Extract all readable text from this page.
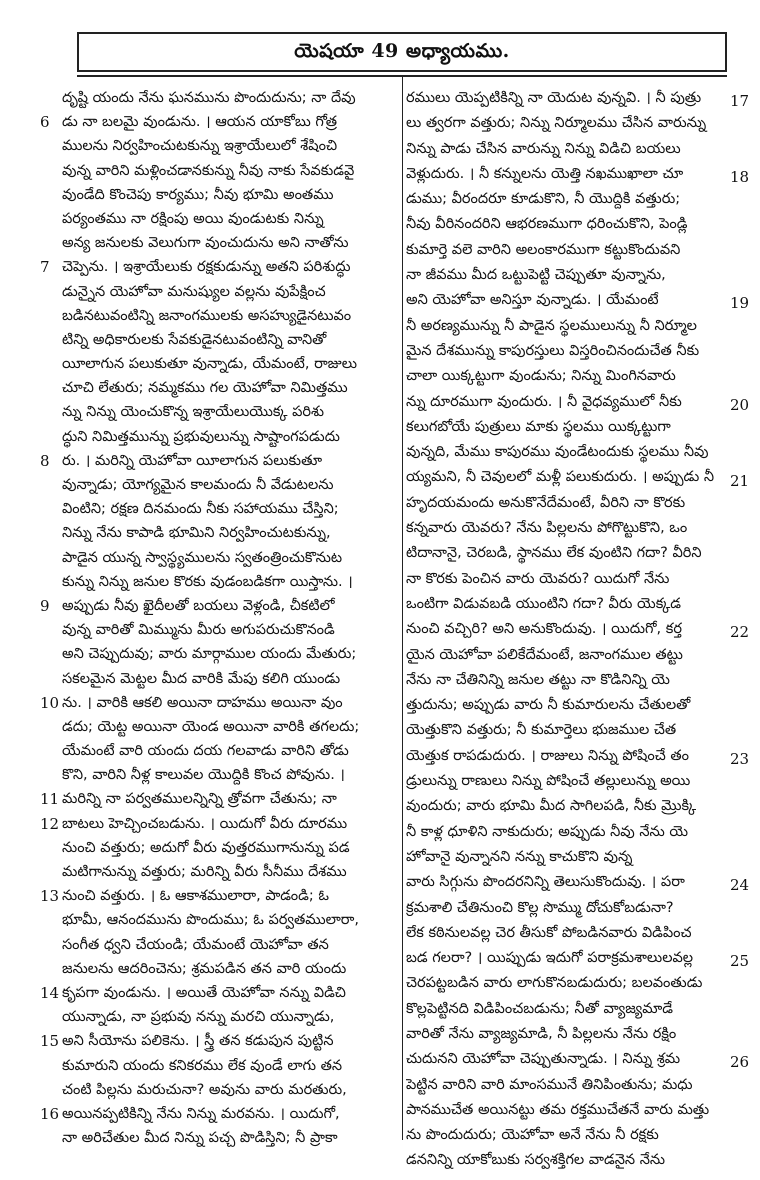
యెషయా 49 అధ్యాయము.
దృష్టి యందు నేను ఘనమును పొందుదును; నా దేవు
6 డు నా బలమై వుండును. । ఆయన యాకోబు గోత్ర
ములను నిర్వహించుటకున్ను ఇశ్రాయేలులో శేషించి
వున్న వారిని మళ్లించడానకున్ను నీవు నాకు సేవకుడవై
వుండేది కొంచెపు కార్యము; నీవు భూమి అంతము
పర్యంతము నా రక్షింపు అయి వుండుటకు నిన్ను
అన్య జనులకు వెలుగుగా వుంచుదును అని నాతోను
7 చెప్పెను. । ఇశ్రాయేలుకు రక్షకుడున్ను అతని పరిశుద్ధు
డున్నైన యెహోవా మనుష్యుల వల్లను వుపేక్షించ
బడినటువంటిన్ని జనాంగములకు అసహ్యుడైనటువం
టిన్ని అధికారులకు సేవకుడైనటువంటిన్ని వానితో
యీలాగున పలుకుతూ వున్నాడు, యేమంటే, రాజులు
చూచి లేతురు; నమ్మకము గల యెహోవా నిమిత్తము
న్ను నిన్ను యెంచుకొన్న ఇశ్రాయేలుయొక్క పరిశు
ద్ధుని నిమిత్తమున్ను ప్రభువులున్ను సాష్టాంగపడుదు
8 రు. । మరిన్ని యెహోవా యీలాగున పలుకుతూ
వున్నాడు; యోగ్యమైన కాలమందు నీ వేడుటలను
వింటిని; రక్షణ దినమందు నీకు సహాయము చేస్తిని;
నిన్ను నేను కాపాడి భూమిని నిర్వహించుటకున్ను,
పాడైన యున్న స్వాస్థ్యములను స్వతంత్రించుకొనుట
కున్ను నిన్ను జనుల కొరకు వుడంబడికగా యిస్తాను. ।
9 అప్పుడు నీవు ఖైదీలతో బయలు వెళ్లండి, చీకటిలో
వున్న వారితో మిమ్మును మీరు అగుపరుచుకొనండి
అని చెప్పుదువు; వారు మార్గాముల యందు మేతురు;
సకలమైన మెట్టల మీద వారికి మేపు కలిగి యుండు
10 ను. । వారికి ఆకలి అయినా దాహము అయినా వుం
డదు; యెట్ట అయినా యెండ అయినా వారికి తగలదు;
యేమంటే వారి యందు దయ గలవాడు వారిని తోడు
కొని, వారిని నీళ్ల కాలువల యొద్దికి కొంచ పోవును. ।
11 మరిన్ని నా పర్వతములన్నిన్ని త్రోవగా చేతును; నా
12 బాటలు హెచ్చించబడును. । యిదుగో వీరు దూరము
నుంచి వత్తురు; అదుగో వీరు వుత్తరముగానున్ను పడ
మటిగానున్ను వత్తురు; మరిన్ని వీరు సీనీము దేశము
13 నుంచి వత్తురు. । ఓ ఆకాశములారా, పాడండి; ఓ
భూమీ, ఆనందమును పొందుము; ఓ పర్వతములారా,
సంగీత ధ్వని చేయండి; యేమంటే యెహోవా తన
జనులను ఆదరించెను; శ్రమపడిన తన వారి యందు
14 కృపగా వుండును. । అయితే యెహోవా నన్ను విడిచి
యున్నాడు, నా ప్రభువు నన్ను మరచి యున్నాడు,
15 అని సీయోను పలికెను. । స్త్రీ తన కడుపున పుట్టిన
కుమారుని యందు కనికరము లేక వుండే లాగు తన
చంటి పిల్లను మరుచునా? అవును వారు మరతురు,
16 అయినప్పటికిన్ని నేను నిన్ను మరవను. । యిదుగో,
నా అరిచేతుల మీద నిన్ను పచ్చ పొడిస్తిని; నీ ప్రాకా
రములు యెప్పటికిన్ని నా యెదుట వున్నవి. । నీ పుత్రు
లు త్వరగా వత్తురు; నిన్ను నిర్మూలము చేసిన వారున్ను
నిన్ను పాడు చేసిన వారున్ను నిన్ను విడిచి బయలు
వెళ్లుదురు. । నీ కన్నులను యెత్తి నఖముఖాలా చూ
డుము; వీరందరూ కూడుకొని, నీ యొద్దికి వత్తురు;
నీవు వీరినందరిని ఆభరణముగా ధరించుకొని, పెండ్లి
కుమార్తె వలె వారిని అలంకారముగా కట్టుకొందువని
నా జీవము మీద ఒట్టుపెట్టి చెప్పుతూ వున్నాను,
అని యెహోవా అనిస్తూ వున్నాడు. । యేమంటే
నీ అరణ్యమున్ను నీ పాడైన స్థలములున్ను నీ నిర్మూల
మైన దేశమున్ను కాపురస్తులు విస్తరించినందుచేత నీకు
చాలా యిక్కట్టుగా వుండును; నిన్ను మింగినవారు
న్ను దూరముగా వుందురు. । నీ వైధవ్యములో నీకు
కలుగబోయే పుత్రులు మాకు స్థలము యిక్కట్టుగా
వున్నది, మేము కాపురము వుండేటందుకు స్థలము నీవు
య్యమని, నీ చెవులలో మళ్లీ పలుకుదురు. । అప్పుడు నీ
హృదయమందు అనుకొనేదేమంటే, వీరిని నా కొరకు
కన్నవారు యెవరు? నేను పిల్లలను పోగొట్టుకొని, ఒం
టిదానానై, చెరబడి, స్థానము లేక వుంటిని గదా? వీరిని
నా కొరకు పెంచిన వారు యెవరు? యిదుగో నేను
ఒంటిగా విడువబడి యుంటిని గదా? వీరు యెక్కడ
నుంచి వచ్చిరి? అని అనుకొందువు. । యిదుగో, కర్త
యైన యెహోవా పలికేదేమంటే, జనాంగముల తట్టు
నేను నా చేతినిన్ని జనుల తట్టు నా కొడినిన్ని యె
త్తుదును; అప్పుడు వారు నీ కుమారులను చేతులతో
యెత్తుకొని వత్తురు; నీ కుమార్తెలు భుజముల చేత
యెత్తుక రాపడుదురు. । రాజులు నిన్ను పోషించే తం
డ్రులున్ను రాణులు నిన్ను పోషించే తల్లులున్ను అయి
వుందురు; వారు భూమి మీద సాగిలపడి, నీకు మ్రొక్కి
నీ కాళ్ల ధూళిని నాకుదురు; అప్పుడు నీవు నేను యె
హోవానై వున్నానని నన్ను కాచుకొని వున్న
వారు సిగ్గును పొందరనిన్ని తెలుసుకొందువు. । పరా
క్రమశాలి చేతినుంచి కొల్ల సొమ్ము దోచుకోబడునా?
లేక కఠినులవల్ల చెర తీసుకో పోబడినవారు విడిపించ
బడ గలరా? । యిప్పుడు ఇదుగో పరాక్రమశాలులవల్ల
చెరపట్టబడిన వారు లాగుకొనబడుదురు; బలవంతుడు
కొల్లపెట్టినది విడిపించబడును; నీతో వ్యాజ్యమాడే
వారితో నేను వ్యాజ్యమాడి, నీ పిల్లలను నేను రక్షిం
చుదునని యెహోవా చెప్పుతున్నాడు. । నిన్ను శ్రమ
పెట్టిన వారిని వారి మాంసమునే తినిపింతును; మధు
పానముచేత అయినట్టు తమ రక్తముచేతనే వారు మత్తు
ను పొందుదురు; యెహోవా అనే నేను నీ రక్షకు
డననిన్ని యాకోబుకు సర్వశక్తిగల వాడనైన నేను
17
18
19
20
21
22
23
24
25
26
